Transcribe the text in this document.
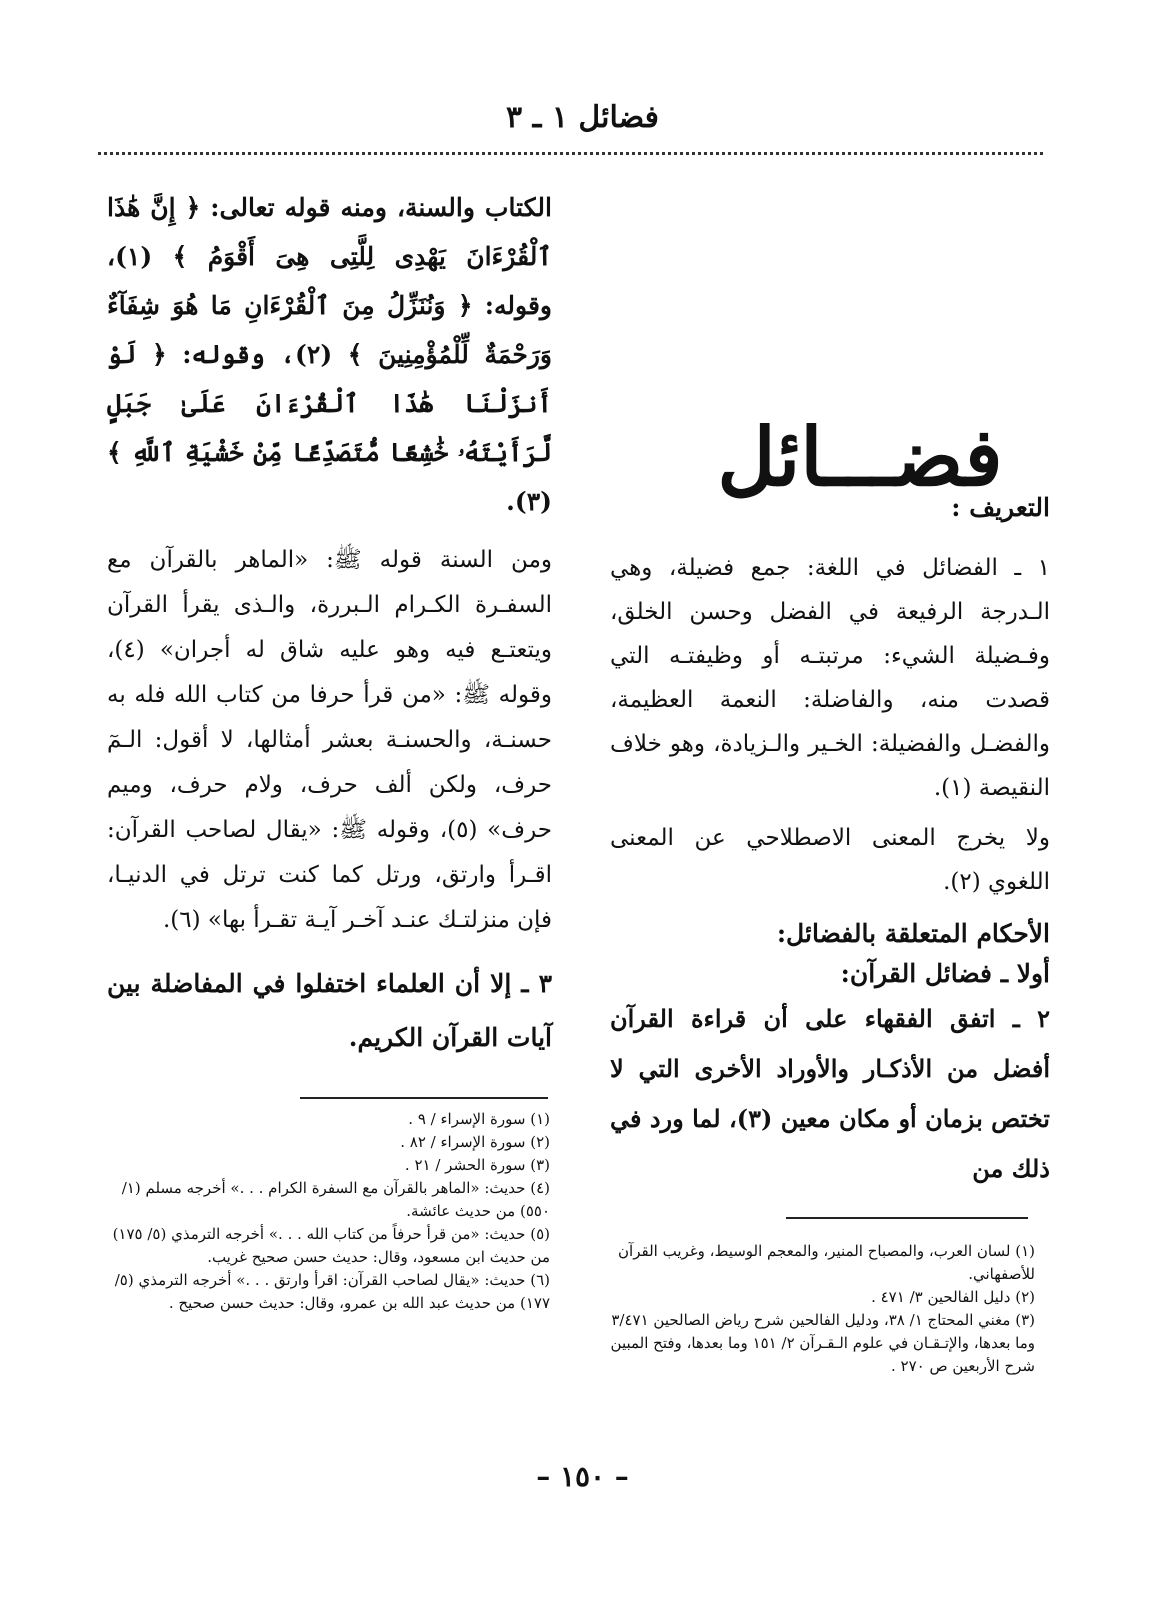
فضائل ١ ـ ٣

الكتاب والسنة، ومنه قوله تعالى: ﴿ إِنَّ هَٰذَا ٱلْقُرْءَانَ يَهْدِى لِلَّتِى هِىَ أَقْوَمُ ﴾ (١)، وقوله: ﴿ وَنُنَزِّلُ مِنَ ٱلْقُرْءَانِ مَا هُوَ شِفَآءٌ وَرَحْمَةٌ لِّلْمُؤْمِنِينَ ﴾ (٢)، وقوله: ﴿ لَوْ أَنزَلْنَا هَٰذَا ٱلْقُرْءَانَ عَلَىٰ جَبَلٍ لَّرَأَيْتَهُۥ خَٰشِعًا مُّتَصَدِّعًا مِّنْ خَشْيَةِ ٱللَّهِ ﴾ (٣).

ومن السنة قوله ﷺ: «الماهر بالقرآن مع السفـرة الكـرام الـبررة، والـذى يقرأ القرآن ويتعتـع فيه وهو عليه شاق له أجران» (٤)، وقوله ﷺ: «من قرأ حرفا من كتاب الله فله به حسنـة، والحسنـة بعشر أمثالها، لا أقول: الـمٓ حرف، ولكن ألف حرف، ولام حرف، وميم حرف» (٥)، وقوله ﷺ: «يقال لصاحب القرآن: اقـرأ وارتق، ورتل كما كنت ترتل في الدنيـا، فإن منزلتـك عنـد آخـر آيـة تقـرأ بها» (٦).

٣ ـ إلا أن العلماء اختفلوا في المفاضلة بين آيات القرآن الكريم.

فضـــائل

التعريف :

١ ـ الفضائل في اللغة: جمع فضيلة، وهي الـدرجة الرفيعة في الفضل وحسن الخلق، وفـضيلة الشيء: مرتبتـه أو وظيفتـه التي قصدت منه، والفاضلة: النعمة العظيمة، والفضـل والفضيلة: الخـير والـزيادة، وهو خلاف النقيصة (١).

ولا يخرج المعنى الاصطلاحي عن المعنى اللغوي (٢).

الأحكام المتعلقة بالفضائل:

أولا ـ فضائل القرآن:

٢ ـ اتفق الفقهاء على أن قراءة القرآن أفضل من الأذكـار والأوراد الأخرى التي لا تختص بزمان أو مكان معين (٣)، لما ورد في ذلك من

(١) سورة الإسراء / ٩ .

(٢) سورة الإسراء / ٨٢ .

(٣) سورة الحشر / ٢١ .

(٤) حديث: «الماهر بالقرآن مع السفرة الكرام . . .» أخرجه مسلم (١/ ٥٥٠) من حديث عائشة.

(٥) حديث: «من قرأ حرفاً من كتاب الله . . .» أخرجه الترمذي (٥/ ١٧٥) من حديث ابن مسعود، وقال: حديث حسن صحيح غريب.

(٦) حديث: «يقال لصاحب القرآن: اقرأ وارتق . . .» أخرجه الترمذي (٥/ ١٧٧) من حديث عبد الله بن عمرو، وقال: حديث حسن صحيح .

(١) لسان العرب، والمصباح المنير، والمعجم الوسيط، وغريب القرآن للأصفهاني.

(٢) دليل الفالحين ٣/ ٤٧١ .

(٣) مغني المحتاج ١/ ٣٨، ودليل الفالحين شرح رياض الصالحين ٣/٤٧١ وما بعدها، والإتـقـان في علوم الـقـرآن ٢/ ١٥١ وما بعدها، وفتح المبين شرح الأربعين ص ٢٧٠ .

– ١٥٠ –
